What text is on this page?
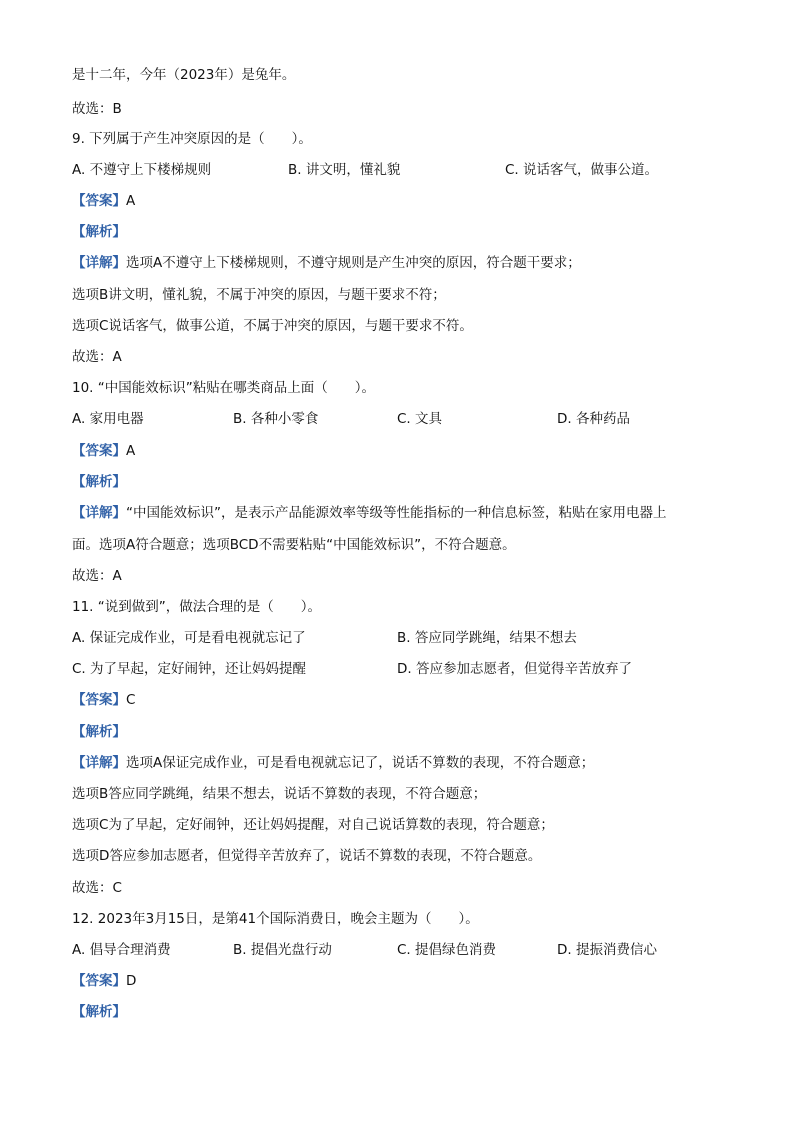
是十二年，今年（2023年）是兔年。
故选：B
9. 下列属于产生冲突原因的是（　　）。
A. 不遵守上下楼梯规则	B. 讲文明，懂礼貌	C. 说话客气，做事公道。
【答案】A
【解析】
【详解】选项A不遵守上下楼梯规则，不遵守规则是产生冲突的原因，符合题干要求；
选项B讲文明，懂礼貌，不属于冲突的原因，与题干要求不符；
选项C说话客气，做事公道，不属于冲突的原因，与题干要求不符。
故选：A
10. “中国能效标识”粘贴在哪类商品上面（　　）。
A. 家用电器	B. 各种小零食	C. 文具	D. 各种药品
【答案】A
【解析】
【详解】“中国能效标识”，是表示产品能源效率等级等性能指标的一种信息标签，粘贴在家用电器上
面。选项A符合题意；选项BCD不需要粘贴“中国能效标识”，不符合题意。
故选：A
11. “说到做到”，做法合理的是（　　）。
A. 保证完成作业，可是看电视就忘记了	B. 答应同学跳绳，结果不想去
C. 为了早起，定好闹钟，还让妈妈提醒	D. 答应参加志愿者，但觉得辛苦放弃了
【答案】C
【解析】
【详解】选项A保证完成作业，可是看电视就忘记了，说话不算数的表现，不符合题意；
选项B答应同学跳绳，结果不想去，说话不算数的表现，不符合题意；
选项C为了早起，定好闹钟，还让妈妈提醒，对自己说话算数的表现，符合题意；
选项D答应参加志愿者，但觉得辛苦放弃了，说话不算数的表现，不符合题意。
故选：C
12. 2023年3月15日，是第41个国际消费日，晚会主题为（　　）。
A. 倡导合理消费	B. 提倡光盘行动	C. 提倡绿色消费	D. 提振消费信心
【答案】D
【解析】
